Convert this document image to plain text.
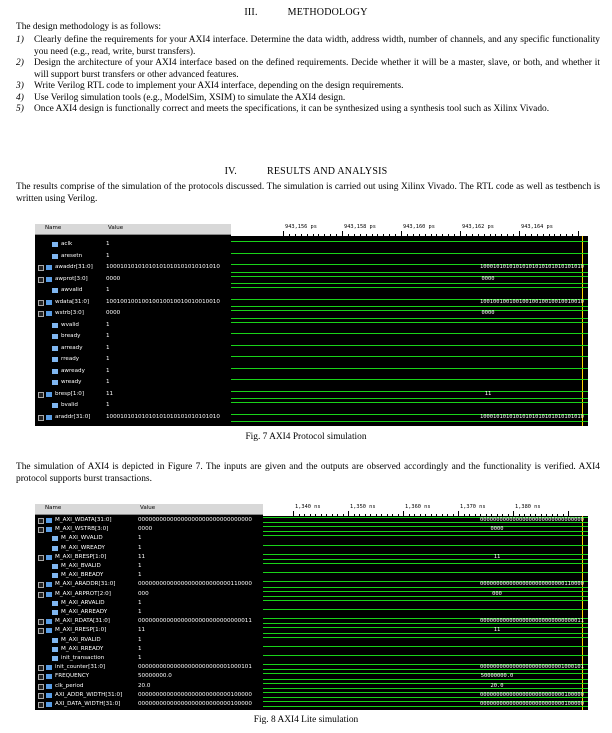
III.	METHODOLOGY
The design methodology is as follows:
1) Clearly define the requirements for your AXI4 interface. Determine the data width, address width, number of channels, and any specific functionality you need (e.g., read, write, burst transfers).
2) Design the architecture of your AXI4 interface based on the defined requirements. Decide whether it will be a master, slave, or both, and whether it will support burst transfers or other advanced features.
3) Write Verilog RTL code to implement your AXI4 interface, depending on the design requirements.
4) Use Verilog simulation tools (e.g., ModelSim, XSIM) to simulate the AXI4 design.
5) Once AXI4 design is functionally correct and meets the specifications, it can be synthesized using a synthesis tool such as Xilinx Vivado.
IV.	RESULTS AND ANALYSIS
The results comprise of the simulation of the protocols discussed. The simulation is carried out using Xilinx Vivado. The RTL code as well as testbench is written using Verilog.
Name	Value	943,156 ps	943,158 ps	943,160 ps	943,162 ps	943,164 ps
10001010101010101010101010101010
0000
10010010010010010010010010010010
0000
11
10001010101010101010101010101010
aclk	1
aresetn	1
awaddr[31:0] 10001010101010101010101010101010
awprot[3:0]	0000
awvalid	1
wdata[31:0]	10010010010010010010010010010010
wstrb[3:0]	0000
wvalid	1
bready	1
arready	1
rready	1
awready	1
wready	1
bresp[1:0]	11
bvalid	1
araddr[31:0]	10001010101010101010101010101010
Fig. 7 AXI4 Protocol simulation
The simulation of AXI4 is depicted in Figure 7. The inputs are given and the outputs are observed accordingly and the functionality is verified. AXI4 protocol supports burst transactions.
Name	Value	1,340 ns	1,350 ns	1,360 ns	1,370 ns	1,380 ns
00000000000000000000000000000000
0000
11
00000000000000000000000000110000
000
00000000000000000000000000000011
11
00000000000000000000000001000101
50000000.0
20.0
00000000000000000000000000100000
00000000000000000000000000100000
M_AXI_WDATA[31:0]	00000000000000000000000000000000
M_AXI_WSTRB[3:0]	0000
M_AXI_WVALID	1
M_AXI_WREADY	1
M_AXI_BRESP[1:0]	11
M_AXI_BVALID	1
M_AXI_BREADY	1
M_AXI_ARADDR[31:0]	00000000000000000000000000110000
M_AXI_ARPROT[2:0]	000
M_AXI_ARVALID	1
M_AXI_ARREADY	1
M_AXI_RDATA[31:0]	00000000000000000000000000000011
M_AXI_RRESP[1:0]	11
M_AXI_RVALID	1
M_AXI_RREADY	1
init_transaction	1
init_counter[31:0]	00000000000000000000000001000101
FREQUENCY	50000000.0
clk_period	20.0
AXI_ADDR_WIDTH[31:0]	00000000000000000000000000100000
AXI_DATA_WIDTH[31:0]	00000000000000000000000000100000
Fig. 8 AXI4 Lite simulation
